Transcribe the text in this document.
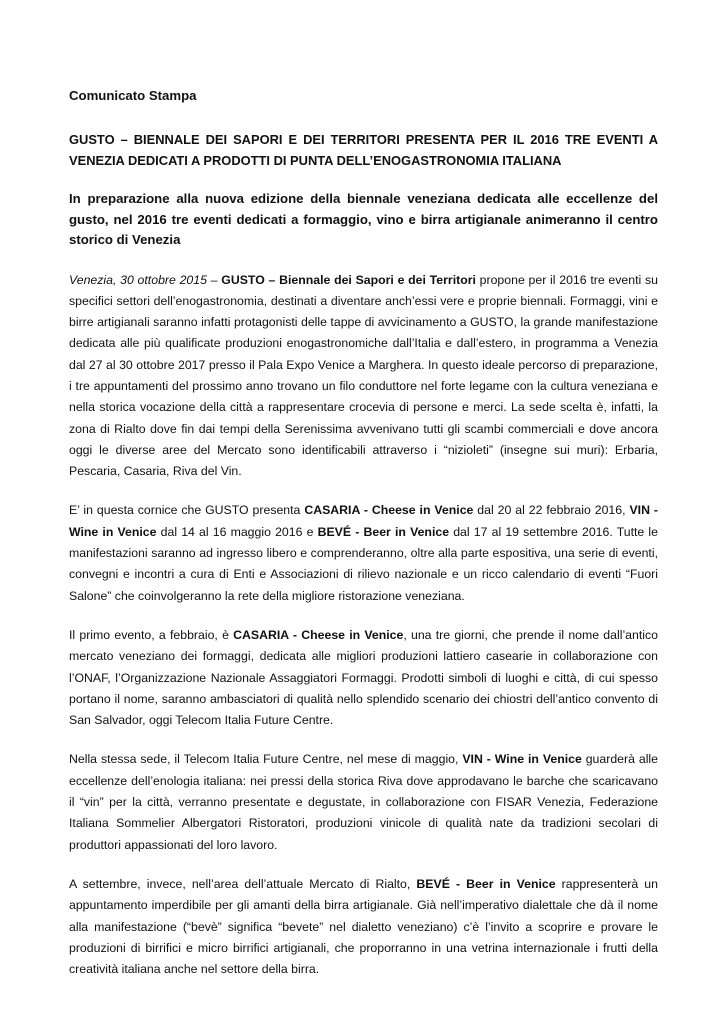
Comunicato Stampa
GUSTO – BIENNALE DEI SAPORI E DEI TERRITORI PRESENTA PER IL 2016 TRE EVENTI A VENEZIA DEDICATI A PRODOTTI DI PUNTA DELL’ENOGASTRONOMIA ITALIANA
In preparazione alla nuova edizione della biennale veneziana dedicata alle eccellenze del gusto, nel 2016 tre eventi dedicati a formaggio, vino e birra artigianale animeranno il centro storico di Venezia

Venezia, 30 ottobre 2015 – GUSTO – Biennale dei Sapori e dei Territori propone per il 2016 tre eventi su specifici settori dell’enogastronomia, destinati a diventare anch’essi vere e proprie biennali. Formaggi, vini e birre artigianali saranno infatti protagonisti delle tappe di avvicinamento a GUSTO, la grande manifestazione dedicata alle più qualificate produzioni enogastronomiche dall’Italia e dall’estero, in programma a Venezia dal 27 al 30 ottobre 2017 presso il Pala Expo Venice a Marghera. In questo ideale percorso di preparazione, i tre appuntamenti del prossimo anno trovano un filo conduttore nel forte legame con la cultura veneziana e nella storica vocazione della città a rappresentare crocevia di persone e merci. La sede scelta è, infatti, la zona di Rialto dove fin dai tempi della Serenissima avvenivano tutti gli scambi commerciali e dove ancora oggi le diverse aree del Mercato sono identificabili attraverso i “nizioleti” (insegne sui muri): Erbaria, Pescaria, Casaria, Riva del Vin.

E’ in questa cornice che GUSTO presenta CASARIA - Cheese in Venice dal 20 al 22 febbraio 2016, VIN - Wine in Venice dal 14 al 16 maggio 2016 e BEVÉ - Beer in Venice dal 17 al 19 settembre 2016. Tutte le manifestazioni saranno ad ingresso libero e comprenderanno, oltre alla parte espositiva, una serie di eventi, convegni e incontri a cura di Enti e Associazioni di rilievo nazionale e un ricco calendario di eventi “Fuori Salone” che coinvolgeranno la rete della migliore ristorazione veneziana.

Il primo evento, a febbraio, è CASARIA - Cheese in Venice, una tre giorni, che prende il nome dall’antico mercato veneziano dei formaggi, dedicata alle migliori produzioni lattiero casearie in collaborazione con l’ONAF, l’Organizzazione Nazionale Assaggiatori Formaggi. Prodotti simboli di luoghi e città, di cui spesso portano il nome, saranno ambasciatori di qualità nello splendido scenario dei chiostri dell’antico convento di San Salvador, oggi Telecom Italia Future Centre.

Nella stessa sede, il Telecom Italia Future Centre, nel mese di maggio, VIN - Wine in Venice guarderà alle eccellenze dell’enologia italiana: nei pressi della storica Riva dove approdavano le barche che scaricavano il “vin” per la città, verranno presentate e degustate, in collaborazione con FISAR Venezia, Federazione Italiana Sommelier Albergatori Ristoratori, produzioni vinicole di qualità nate da tradizioni secolari di produttori appassionati del loro lavoro.

A settembre, invece, nell’area dell’attuale Mercato di Rialto, BEVÉ - Beer in Venice rappresenterà un appuntamento imperdibile per gli amanti della birra artigianale. Già nell’imperativo dialettale che dà il nome alla manifestazione (“bevè” significa “bevete” nel dialetto veneziano) c’è l’invito a scoprire e provare le produzioni di birrifici e micro birrifici artigianali, che proporranno in una vetrina internazionale i frutti della creatività italiana anche nel settore della birra.
